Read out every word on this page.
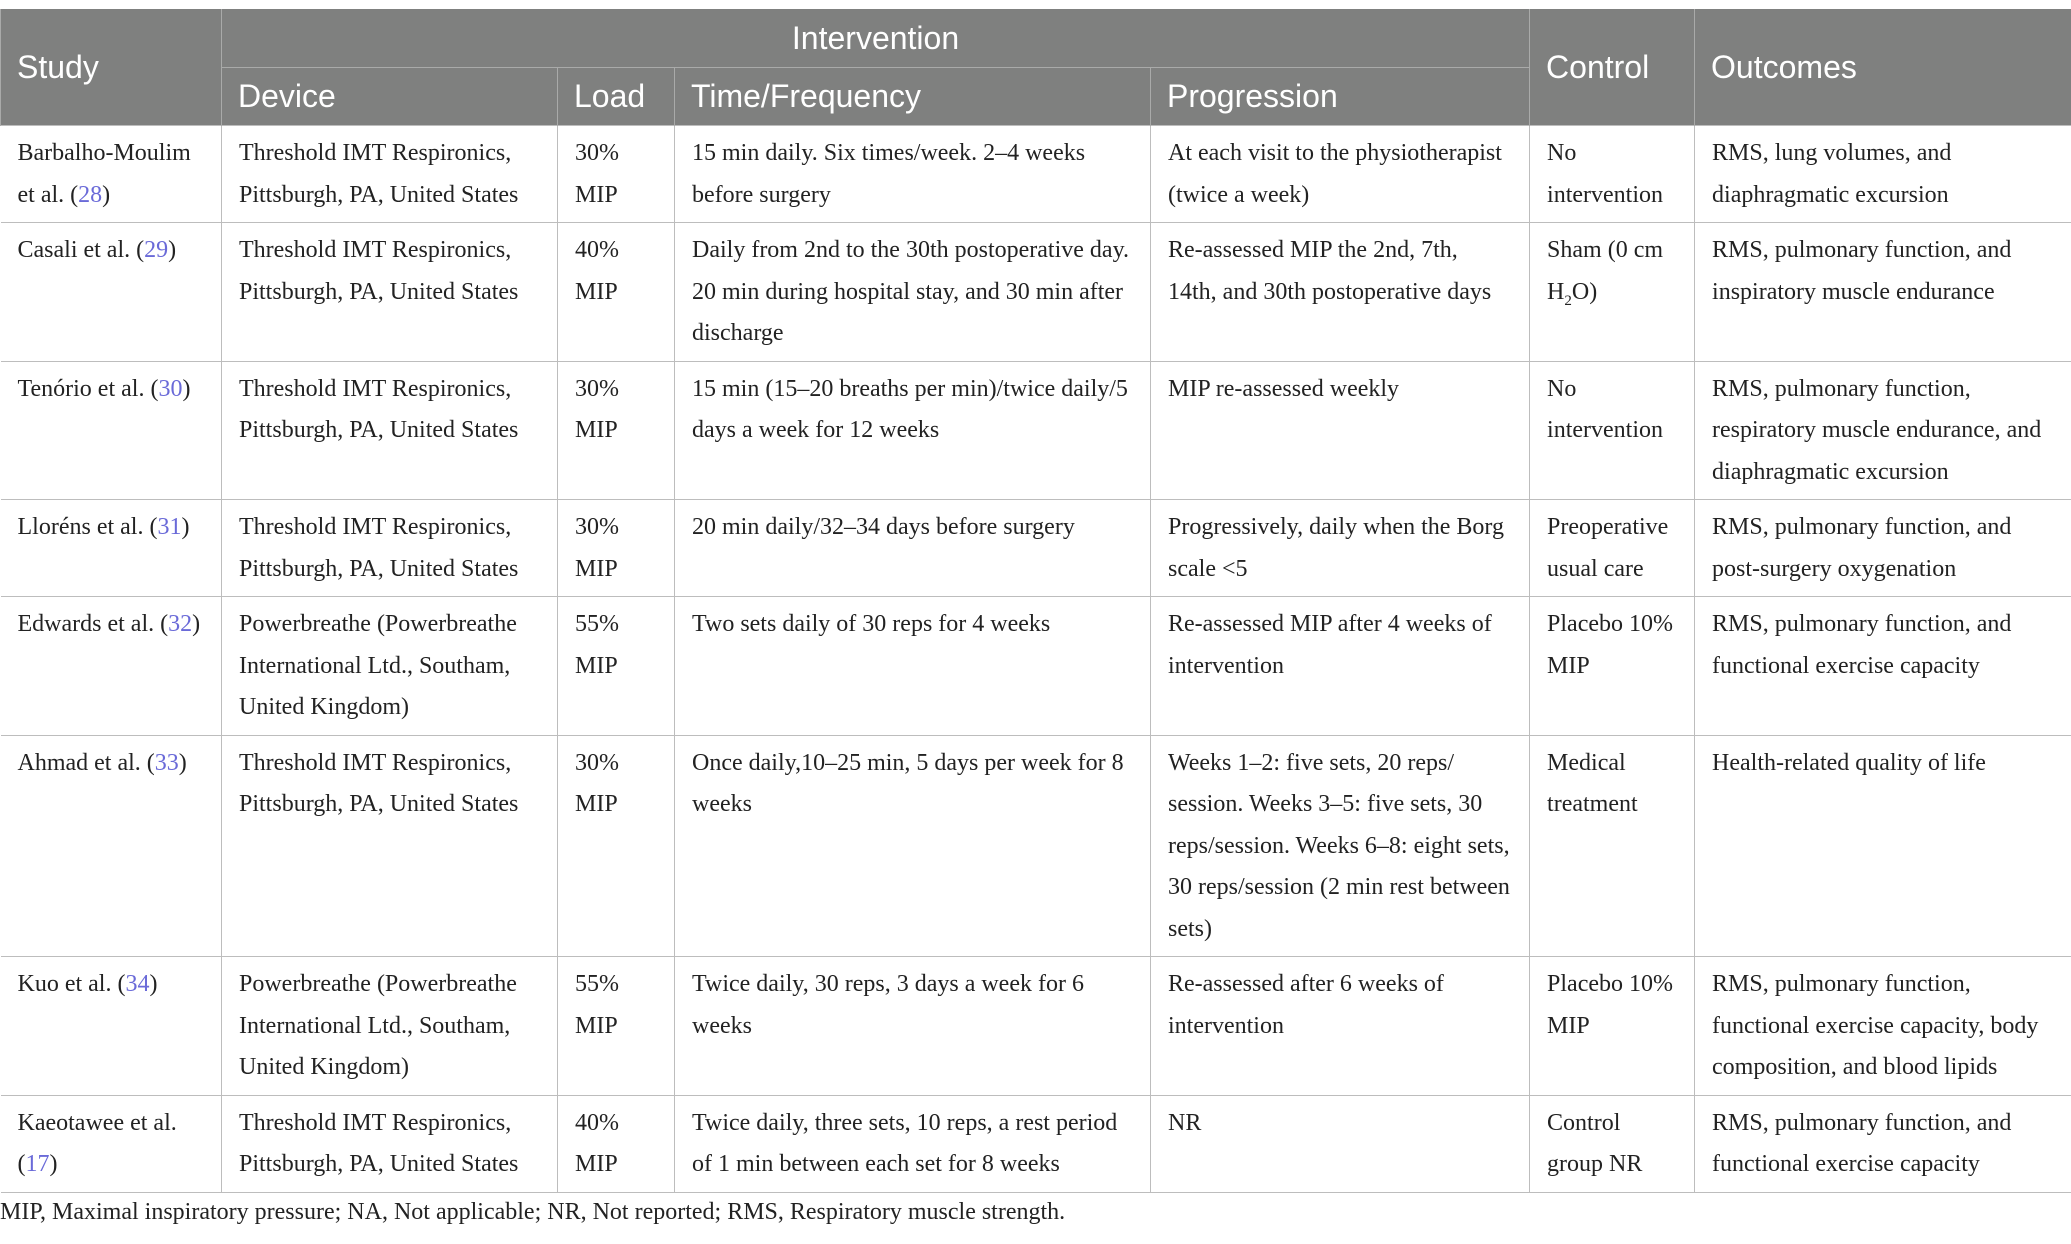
Study	Intervention				Control	Outcomes
	Device	Load	Time/Frequency	Progression		
Barbalho-Moulim et al. (28)	Threshold IMT Respironics, Pittsburgh, PA, United States	30% MIP	15 min daily. Six times/week. 2–4 weeks before surgery	At each visit to the physiotherapist (twice a week)	No intervention	RMS, lung volumes, and diaphragmatic excursion
Casali et al. (29)	Threshold IMT Respironics, Pittsburgh, PA, United States	40% MIP	Daily from 2nd to the 30th postoperative day. 20 min during hospital stay, and 30 min after discharge	Re-assessed MIP the 2nd, 7th, 14th, and 30th postoperative days	Sham (0 cm $H_2O$)	RMS, pulmonary function, and inspiratory muscle endurance
Tenório et al. (30)	Threshold IMT Respironics, Pittsburgh, PA, United States	30% MIP	15 min (15–20 breaths per min)/twice daily/5 days a week for 12 weeks	MIP re-assessed weekly	No intervention	RMS, pulmonary function, respiratory muscle endurance, and diaphragmatic excursion
Lloréns et al. (31)	Threshold IMT Respironics, Pittsburgh, PA, United States	30% MIP	20 min daily/32–34 days before surgery	Progressively, daily when the Borg scale <5	Preoperative usual care	RMS, pulmonary function, and post-surgery oxygenation
Edwards et al. (32)	Powerbreathe (Powerbreathe International Ltd., Southam, United Kingdom)	55% MIP	Two sets daily of 30 reps for 4 weeks	Re-assessed MIP after 4 weeks of intervention	Placebo 10% MIP	RMS, pulmonary function, and functional exercise capacity
Ahmad et al. (33)	Threshold IMT Respironics, Pittsburgh, PA, United States	30% MIP	Once daily,10–25 min, 5 days per week for 8 weeks	Weeks 1–2: five sets, 20 reps/ session. Weeks 3–5: five sets, 30 reps/session. Weeks 6–8: eight sets, 30 reps/session (2 min rest between sets)	Medical treatment	Health-related quality of life
Kuo et al. (34)	Powerbreathe (Powerbreathe International Ltd., Southam, United Kingdom)	55% MIP	Twice daily, 30 reps, 3 days a week for 6 weeks	Re-assessed after 6 weeks of intervention	Placebo 10% MIP	RMS, pulmonary function, functional exercise capacity, body composition, and blood lipids
Kaeotawee et al. (17)	Threshold IMT Respironics, Pittsburgh, PA, United States	40% MIP	Twice daily, three sets, 10 reps, a rest period of 1 min between each set for 8 weeks	NR	Control group NR	RMS, pulmonary function, and functional exercise capacity
MIP, Maximal inspiratory pressure; NA, Not applicable; NR, Not reported; RMS, Respiratory muscle strength.
